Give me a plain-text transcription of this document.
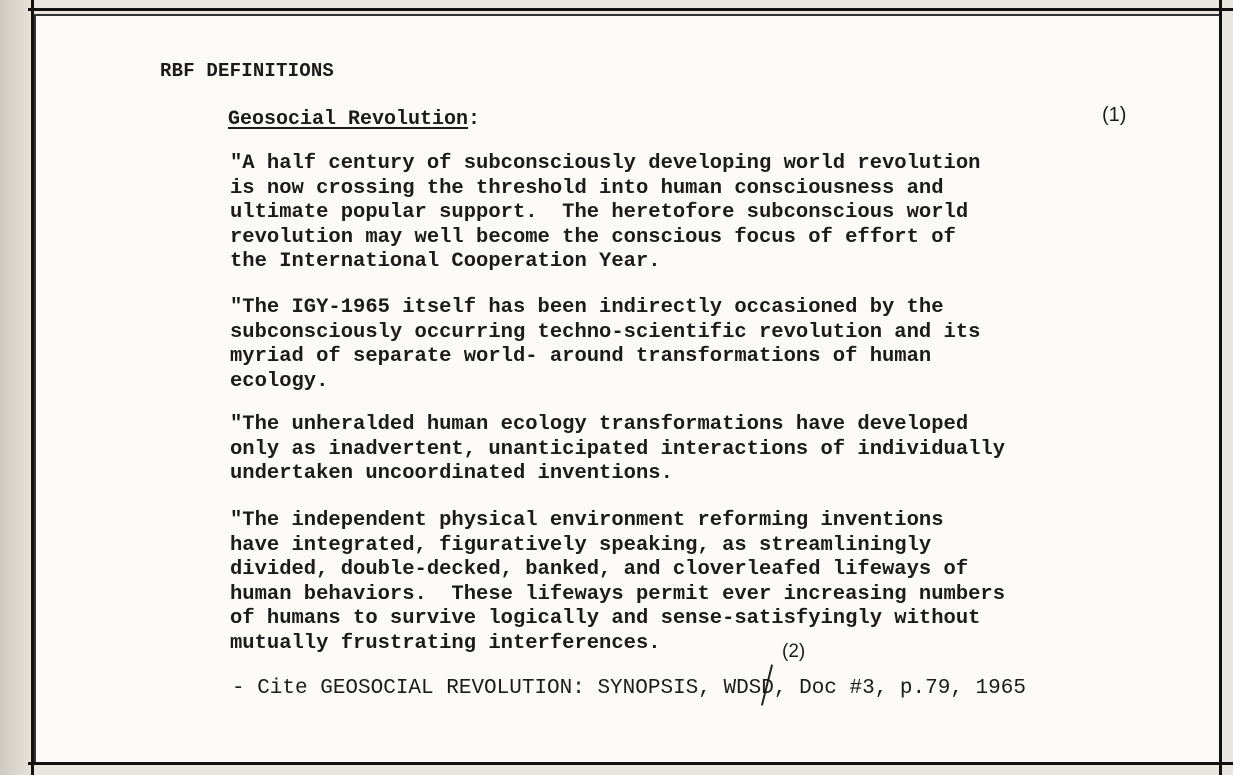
RBF DEFINITIONS
Geosocial Revolution:	(1)

"A half century of subconsciously developing world revolution
is now crossing the threshold into human consciousness and
ultimate popular support.  The heretofore subconscious world
revolution may well become the conscious focus of effort of
the International Cooperation Year.

"The IGY-1965 itself has been indirectly occasioned by the
subconsciously occurring techno-scientific revolution and its
myriad of separate world- around transformations of human
ecology.

"The unheralded human ecology transformations have developed
only as inadvertent, unanticipated interactions of individually
undertaken uncoordinated inventions.

"The independent physical environment reforming inventions
have integrated, figuratively speaking, as streamliningly
divided, double-decked, banked, and cloverleafed lifeways of
human behaviors.  These lifeways permit ever increasing numbers
of humans to survive logically and sense-satisfyingly without
mutually frustrating interferences.	(2)
- Cite GEOSOCIAL REVOLUTION: SYNOPSIS, WDSD, Doc #3, p.79, 1965
